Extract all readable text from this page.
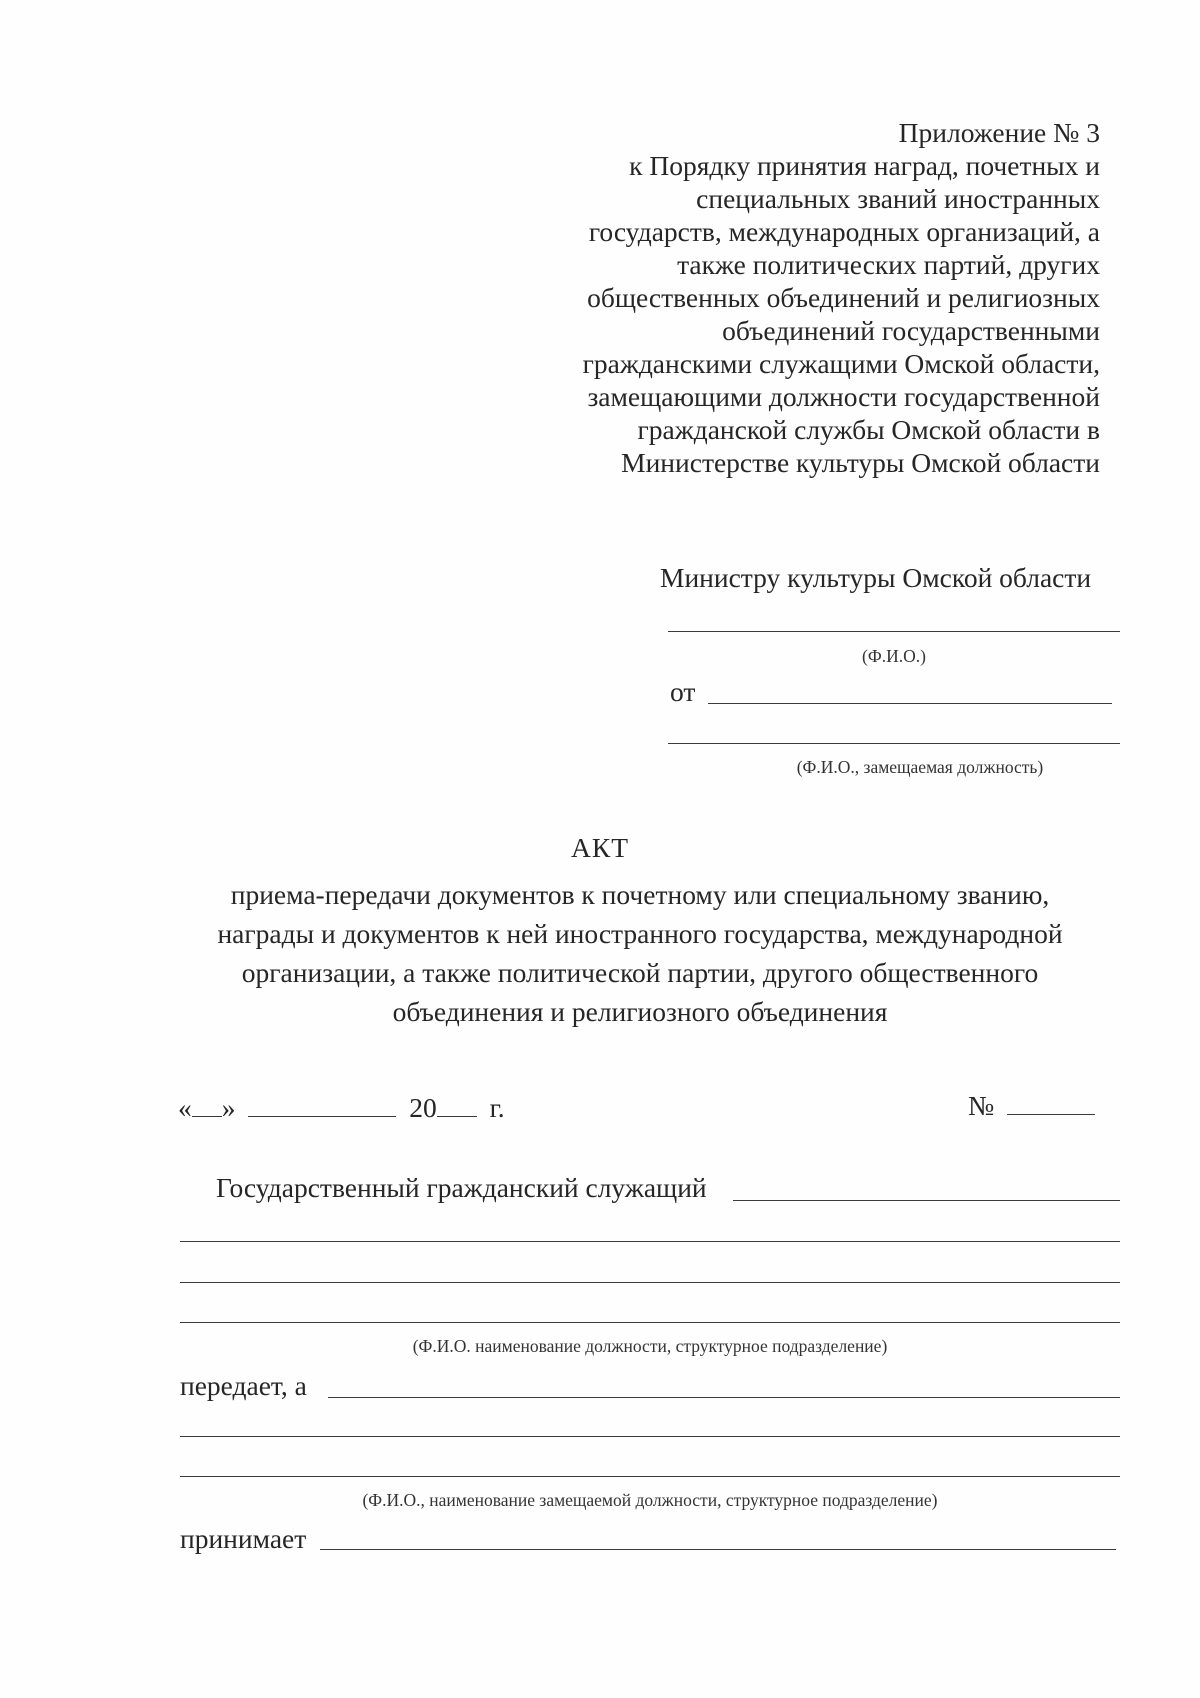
Приложение № 3
к Порядку принятия наград, почетных и
специальных званий иностранных
государств, международных организаций, а
также политических партий, других
общественных объединений и религиозных
объединений государственными
гражданскими служащими Омской области,
замещающими должности государственной
гражданской службы Омской области в
Министерстве культуры Омской области
Министру культуры Омской области
(Ф.И.О.)
от
(Ф.И.О., замещаемая должность)
АКТ
приема-передачи документов к почетному или специальному званию,
награды и документов к ней иностранного государства, международной
организации, а также политической партии, другого общественного
объединения и религиозного объединения
« »	20 г.	№
Государственный гражданский служащий
(Ф.И.О. наименование должности, структурное подразделение)
передает, а
(Ф.И.О., наименование замещаемой должности, структурное подразделение)
принимает
